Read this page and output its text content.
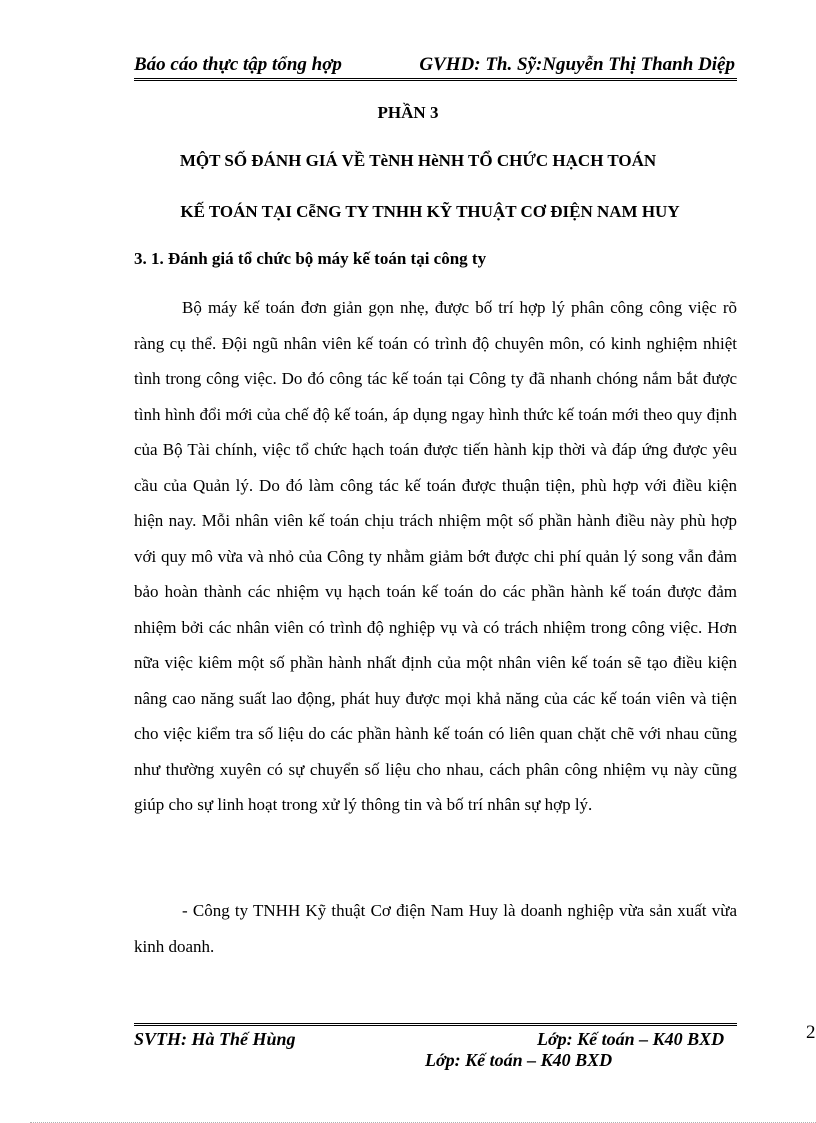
Báo cáo thực tập tổng hợp	GVHD: Th. Sỹ:Nguyễn Thị Thanh Diệp
PHẦN 3
MỘT SỐ ĐÁNH GIÁ VỀ TèNH HèNH TỔ CHỨC HẠCH TOÁN
KẾ TOÁN TẠI CễNG TY TNHH KỸ THUẬT CƠ ĐIỆN NAM HUY
3. 1. Đánh giá tổ chức bộ máy kế toán tại công ty

Bộ máy kế toán đơn giản gọn nhẹ, được bố trí hợp lý phân công công việc rõ ràng cụ thể. Đội ngũ nhân viên kế toán có trình độ chuyên môn, có kinh nghiệm nhiệt tình trong công việc. Do đó công tác kế toán tại Công ty đã nhanh chóng nắm bắt được tình hình đổi mới của chế độ kế toán, áp dụng ngay hình thức kế toán mới theo quy định của Bộ Tài chính, việc tổ chức hạch toán được tiến hành kịp thời và đáp ứng được yêu cầu của Quản lý. Do đó làm công tác kế toán được thuận tiện, phù hợp với điều kiện hiện nay. Mỗi nhân viên kế toán chịu trách nhiệm một số phần hành điều này phù hợp với quy mô vừa và nhỏ của Công ty nhằm giảm bớt được chi phí quản lý song vẫn đảm bảo hoàn thành các nhiệm vụ hạch toán kế toán do các phần hành kế toán được đảm nhiệm bởi các nhân viên có trình độ nghiệp vụ và có trách nhiệm trong công việc. Hơn nữa việc kiêm một số phần hành nhất định của một nhân viên kế toán sẽ tạo điều kiện nâng cao năng suất lao động, phát huy được mọi khả năng của các kế toán viên và tiện cho việc kiểm tra số liệu do các phần hành kế toán có liên quan chặt chẽ với nhau cũng như thường xuyên có sự chuyển số liệu cho nhau, cách phân công nhiệm vụ này cũng giúp cho sự linh hoạt trong xử lý thông tin và bố trí nhân sự hợp lý.

- Công ty TNHH Kỹ thuật Cơ điện Nam Huy là doanh nghiệp vừa sản xuất vừa kinh doanh.

SVTH: Hà Thế Hùng	Lớp: Kế toán – K40 BXD
Lớp: Kế toán – K40 BXD
2
